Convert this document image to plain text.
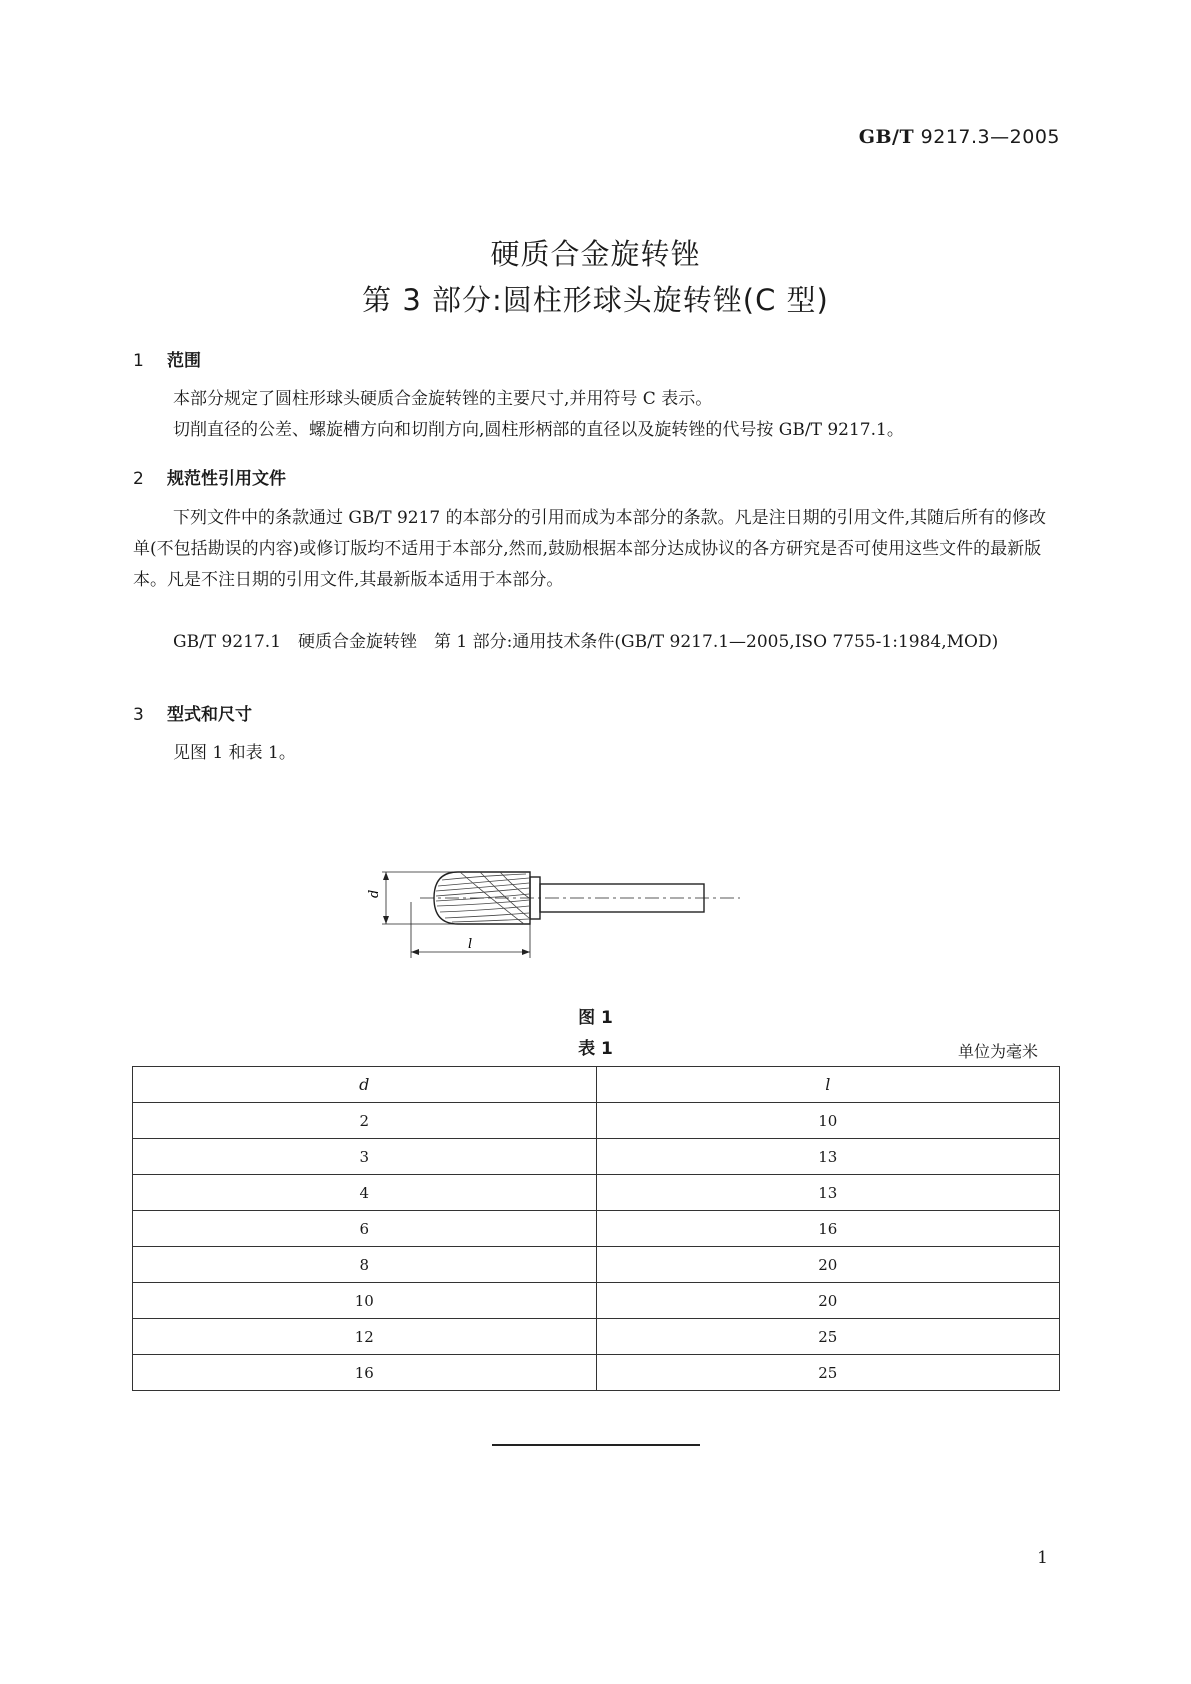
GB/T 9217.3—2005
硬质合金旋转锉
第 3 部分:圆柱形球头旋转锉(C 型)
1 范围
本部分规定了圆柱形球头硬质合金旋转锉的主要尺寸,并用符号 C 表示。
切削直径的公差、螺旋槽方向和切削方向,圆柱形柄部的直径以及旋转锉的代号按 GB/T 9217.1。
2 规范性引用文件
下列文件中的条款通过 GB/T 9217 的本部分的引用而成为本部分的条款。凡是注日期的引用文件,其随后所有的修改单(不包括勘误的内容)或修订版均不适用于本部分,然而,鼓励根据本部分达成协议的各方研究是否可使用这些文件的最新版本。凡是不注日期的引用文件,其最新版本适用于本部分。
GB/T 9217.1　硬质合金旋转锉　第 1 部分:通用技术条件(GB/T 9217.1—2005,ISO 7755-1:1984,MOD)
3 型式和尺寸
见图 1 和表 1。
d
l
图 1
表 1	单位为毫米
d	l
2	10
3	13
4	13
6	16
8	20
10	20
12	25
16	25
1
